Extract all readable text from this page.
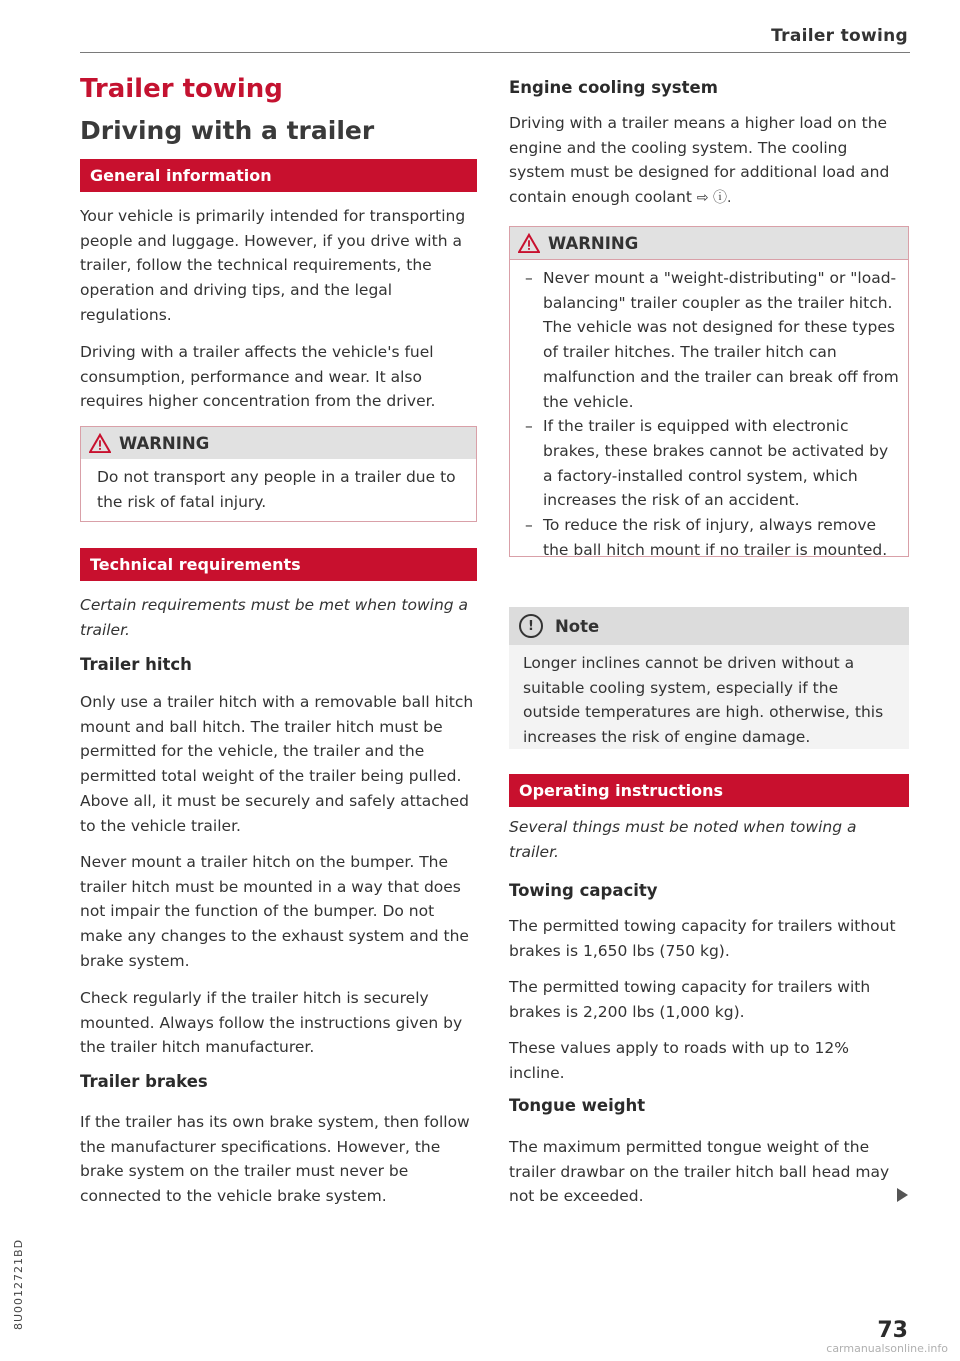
Trailer towing
Trailer towing
Driving with a trailer
General information

Your vehicle is primarily intended for transporting people and luggage. However, if you drive with a trailer, follow the technical requirements, the operation and driving tips, and the legal regulations.

Driving with a trailer affects the vehicle's fuel consumption, performance and wear. It also requires higher concentration from the driver.

WARNING

Do not transport any people in a trailer due to the risk of fatal injury.

Technical requirements

Certain requirements must be met when towing a trailer.

Trailer hitch

Only use a trailer hitch with a removable ball hitch mount and ball hitch. The trailer hitch must be permitted for the vehicle, the trailer and the permitted total weight of the trailer being pulled. Above all, it must be securely and safely attached to the vehicle trailer.

Never mount a trailer hitch on the bumper. The trailer hitch must be mounted in a way that does not impair the function of the bumper. Do not make any changes to the exhaust system and the brake system.

Check regularly if the trailer hitch is securely mounted. Always follow the instructions given by the trailer hitch manufacturer.

Trailer brakes

If the trailer has its own brake system, then follow the manufacturer specifications. However, the brake system on the trailer must never be connected to the vehicle brake system.

Engine cooling system

Driving with a trailer means a higher load on the engine and the cooling system. The cooling system must be designed for additional load and contain enough coolant ⇨ ⓘ.

WARNING
– Never mount a "weight-distributing" or "load-balancing" trailer coupler as the trailer hitch. The vehicle was not designed for these types of trailer hitches. The trailer hitch can malfunction and the trailer can break off from the vehicle.
– If the trailer is equipped with electronic brakes, these brakes cannot be activated by a factory-installed control system, which increases the risk of an accident.
– To reduce the risk of injury, always remove the ball hitch mount if no trailer is mounted.
!	Note

Longer inclines cannot be driven without a suitable cooling system, especially if the outside temperatures are high. otherwise, this increases the risk of engine damage.

Operating instructions

Several things must be noted when towing a trailer.

Towing capacity

The permitted towing capacity for trailers without brakes is 1,650 lbs (750 kg).

The permitted towing capacity for trailers with brakes is 2,200 lbs (1,000 kg).

These values apply to roads with up to 12% incline.

Tongue weight

The maximum permitted tongue weight of the trailer drawbar on the trailer hitch ball head may not be exceeded.

8U0012721BD
73
carmanualsonline.info
